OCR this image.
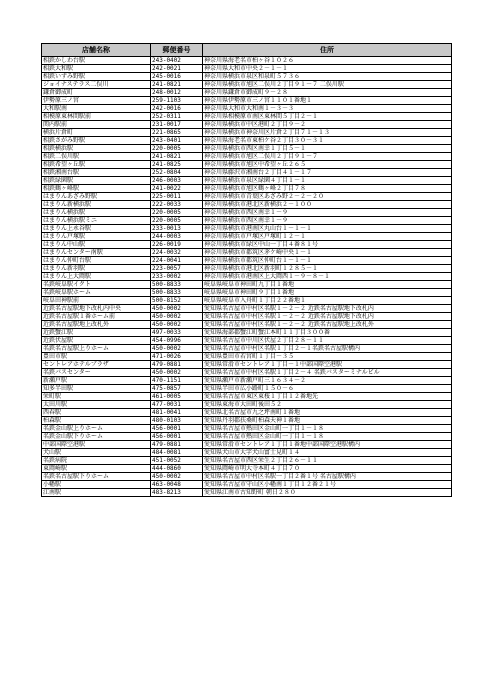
店舗名称	郵便番号	住所
相鉄かしわ台駅	243-0402	神奈川県海老名市柏ヶ谷１０２６
相鉄大和駅	242-0021	神奈川県大和市中央２－１－１
相鉄いずみ野駅	245-0016	神奈川県横浜市泉区和泉町５７３６
ジョイナステラス二俣川	241-0821	神奈川県横浜市旭区二俣川２丁目９１－７ 二俣川駅
鎌倉御成町	248-0012	神奈川県鎌倉市御成町９－２８
伊勢原三ノ宮	259-1103	神奈川県伊勢原市三ノ宮１１０１番地１
大和駅南	242-0016	神奈川県大和市大和南１－３－３
相模原東林間駅前	252-0311	神奈川県相模原市南区東林間５丁目２－１
関内駅前	231-0017	神奈川県横浜市中区港町２丁目９－２
横浜片倉町	221-0865	神奈川県横浜市神奈川区片倉２丁目７１－１３
相鉄さがみ野駅	243-0401	神奈川県海老名市東柏ケ谷２丁目３０－３１
相鉄横浜駅	220-0005	神奈川県横浜市西区南幸１丁目５－１
相鉄二俣川駅	241-0821	神奈川県横浜市旭区二俣川２丁目９１－７
相鉄希望ヶ丘駅	241-0825	神奈川県横浜市旭区中希望ヶ丘２６５
相鉄湘南台駅	252-0804	神奈川県藤沢市湘南台２丁目４１－１７
相鉄緑園駅	246-0003	神奈川県横浜市泉区緑園４丁目１－１
相鉄鶴ヶ峰駅	241-0022	神奈川県横浜市旭区鶴ヶ峰２丁目７８
はまりんあざみ野駅	225-0011	神奈川県横浜市青葉区あざみ野２－２－２０
はまりん新横浜駅	222-0033	神奈川県横浜市港北区新横浜２－１００
はまりん横浜駅	220-0005	神奈川県横浜市西区南幸１－９
はまりん横浜駅ミニ	220-0005	神奈川県横浜市西区南幸１－９
はまりん上永谷駅	233-0013	神奈川県横浜市港南区丸山台１－１－１
はまりん戸塚駅	244-0003	神奈川県横浜市戸塚区戸塚町１２－１
はまりん中山駅	226-0019	神奈川県横浜市緑区中山一丁目４番８１号
はまりんセンター南駅	224-0032	神奈川県横浜市都筑区茅ケ崎中央１－１
はまりん仲町台駅	224-0041	神奈川県横浜市都筑区仲町台１－１－１
はまりん新羽駅	223-0057	神奈川県横浜市港北区新羽町１２８５－１
はまりん上大岡駅	233-0002	神奈川県横浜市港南区上大岡西１－９－８－１
名鉄岐阜駅イクト	500-8833	岐阜県岐阜市神田町九丁目１番地
名鉄岐阜駅ホーム	500-8833	岐阜県岐阜市神田町９丁目１番地
岐阜田神駅前	500-8152	岐阜県岐阜市入舟町１丁目２２番地１
近鉄名古屋駅地下改札内中央	450-0002	愛知県名古屋市中村区名駅１－２－２ 近鉄名古屋駅地下改札内
近鉄名古屋駅１番ホーム前	450-0002	愛知県名古屋市中村区名駅１－２－２ 近鉄名古屋駅地下改札内
近鉄名古屋駅地上改札外	450-0002	愛知県名古屋市中村区名駅１－２－２ 近鉄名古屋駅地上改札外
近鉄蟹江駅	497-0033	愛知県海部郡蟹江町蟹江本町１１丁目３００番
近鉄伏屋駅	454-0996	愛知県名古屋市中川区伏屋２丁目２８－１１
名鉄名古屋駅上りホーム	450-0002	愛知県名古屋市中村区名駅１丁目２－１名鉄名古屋駅構内
豊田市駅	471-0026	愛知県豊田市若宮町１丁目－３５
セントレアホテルプラザ	479-0881	愛知県常滑市セントレア１丁目－１中部国際空港駅
名鉄バスセンター	450-0002	愛知県名古屋市中村区名駅１丁目２－４ 名鉄バスターミナルビル
新瀬戸駅	470-1151	愛知県瀬戸市新瀬戸町三１６３４－２
知多半田駅	475-0857	愛知県半田市広小路町１５０－６
栄町駅	461-0005	愛知県名古屋市東区東桜１丁目１２番地先
太田川駅	477-0031	愛知県東海市大田町後田５２
西春駅	481-0041	愛知県北名古屋市九之坪南町１番地
柏森駅	480-0103	愛知県丹羽郡扶桑町柏森天神１番地
名鉄金山駅上りホーム	456-0001	愛知県名古屋市熱田区金山町一丁目１－１８
名鉄金山駅下りホーム	456-0001	愛知県名古屋市熱田区金山町一丁目１－１８
中部国際空港駅	479-0881	愛知県常滑市セントレア１丁目１番地中部国際空港駅構内
犬山駅	484-0081	愛知県犬山市大字犬山富士見町１４
名鉄病院	451-0052	愛知県名古屋市西区栄生２丁目２６－１１
東岡崎駅	444-0860	愛知県岡崎市明大寺本町４丁目７０
名鉄名古屋駅下りホーム	450-0002	愛知県名古屋市中村区名駅一丁目２番１号 名古屋駅構内
小幡駅	463-0048	愛知県名古屋市守山区小幡南１丁目１２番２１号
江南駅	483-8213	愛知県江南市古知野町 朝日２８０
